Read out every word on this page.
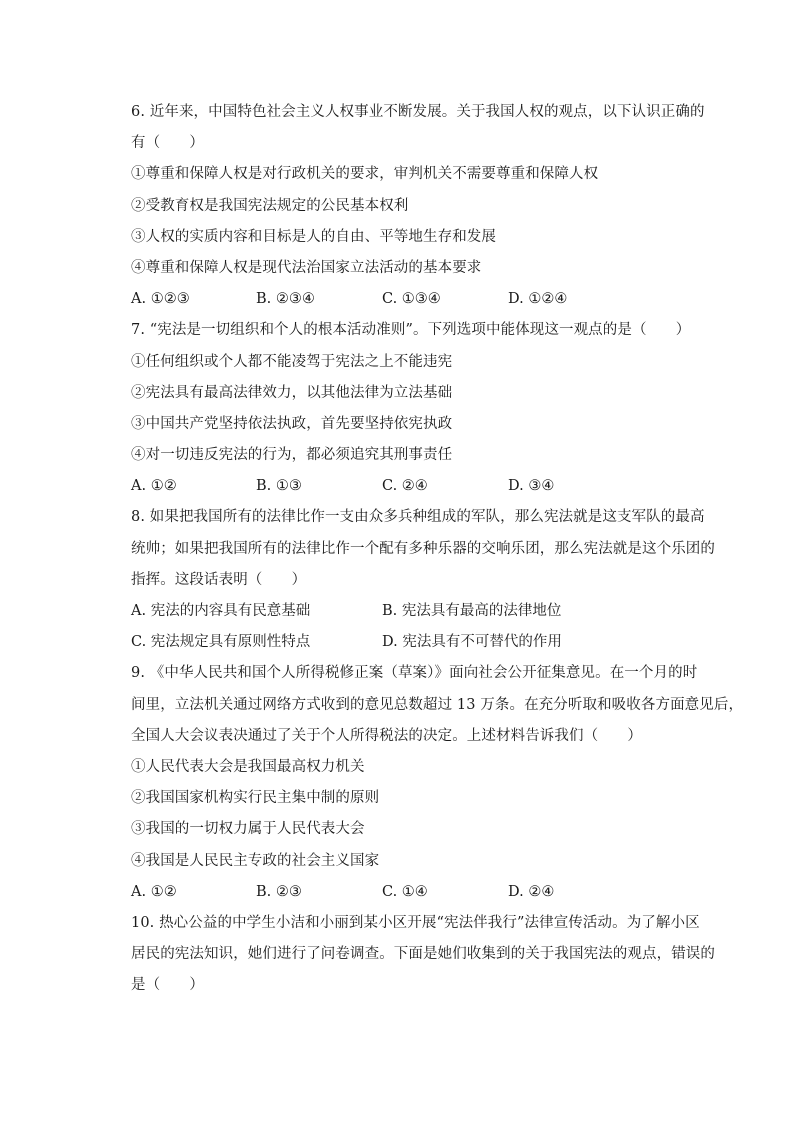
6. 近年来，中国特色社会主义人权事业不断发展。关于我国人权的观点，以下认识正确的
有（　　）
①尊重和保障人权是对行政机关的要求，审判机关不需要尊重和保障人权
②受教育权是我国宪法规定的公民基本权利
③人权的实质内容和目标是人的自由、平等地生存和发展
④尊重和保障人权是现代法治国家立法活动的基本要求
A. ①②③	B. ②③④	C. ①③④	D. ①②④
7. “宪法是一切组织和个人的根本活动准则”。下列选项中能体现这一观点的是（　　）
①任何组织或个人都不能凌驾于宪法之上不能违宪
②宪法具有最高法律效力，以其他法律为立法基础
③中国共产党坚持依法执政，首先要坚持依宪执政
④对一切违反宪法的行为，都必须追究其刑事责任
A. ①②	B. ①③	C. ②④	D. ③④
8. 如果把我国所有的法律比作一支由众多兵种组成的军队，那么宪法就是这支军队的最高
统帅；如果把我国所有的法律比作一个配有多种乐器的交响乐团，那么宪法就是这个乐团的
指挥。这段话表明（　　）
A. 宪法的内容具有民意基础	B. 宪法具有最高的法律地位
C. 宪法规定具有原则性特点	D. 宪法具有不可替代的作用
9. 《中华人民共和国个人所得税修正案（草案）》面向社会公开征集意见。在一个月的时
间里，立法机关通过网络方式收到的意见总数超过 13 万条。在充分听取和吸收各方面意见后，
全国人大会议表决通过了关于个人所得税法的决定。上述材料告诉我们（　　）
①人民代表大会是我国最高权力机关
②我国国家机构实行民主集中制的原则
③我国的一切权力属于人民代表大会
④我国是人民民主专政的社会主义国家
A. ①②	B. ②③	C. ①④	D. ②④
10. 热心公益的中学生小洁和小丽到某小区开展“宪法伴我行”法律宣传活动。为了解小区
居民的宪法知识，她们进行了问卷调查。下面是她们收集到的关于我国宪法的观点，错误的
是（　　）
